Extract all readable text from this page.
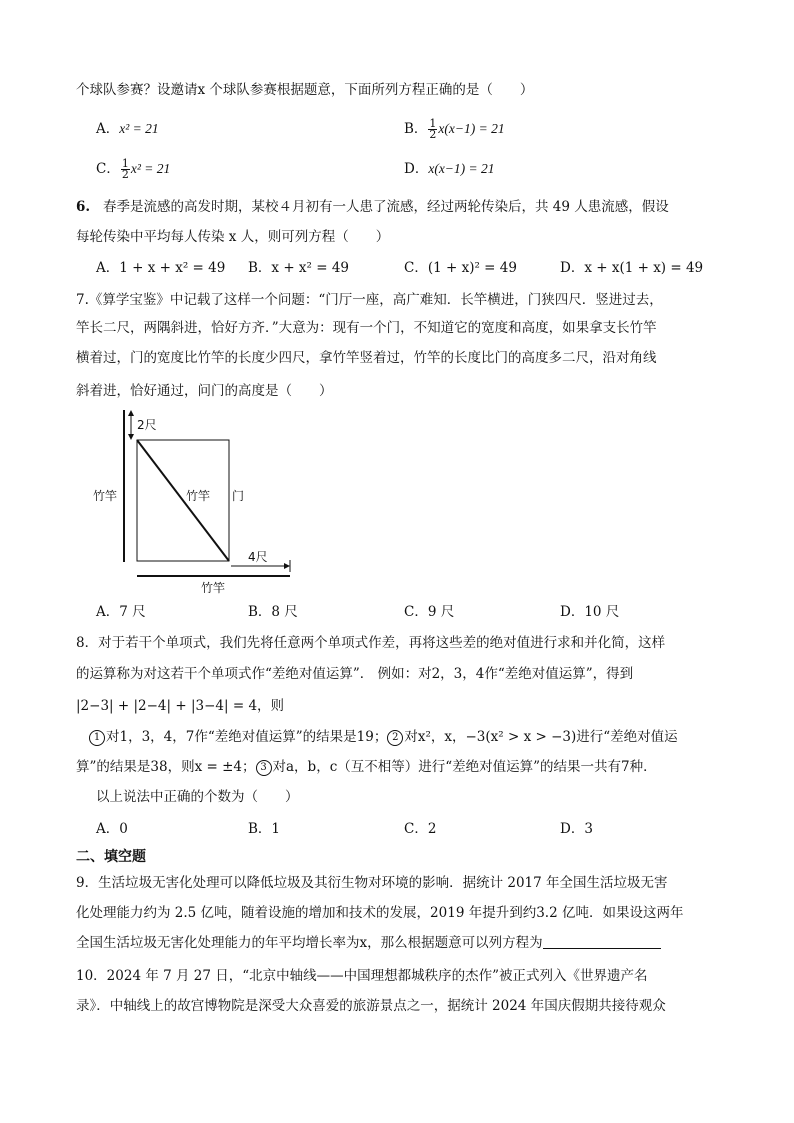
个球队参赛？设邀请x 个球队参赛根据题意，下面所列方程正确的是（　　）
A．x² = 21	B． $\frac{1}{2} x(x-1) = 21$
C． $\frac{1}{2} x^2 = 21$	D．x(x−1) = 21
6. 春季是流感的高发时期，某校４月初有一人患了流感，经过两轮传染后，共 49 人患流感，假设
每轮传染中平均每人传染 x 人，则可列方程（　　）
A．1 + x + x² = 49 B．x + x² = 49	C．(1 + x)² = 49	D．x + x(1 + x) = 49
7.《算学宝鉴》中记载了这样一个问题：“门厅一座，高广难知．长竿横进，门狭四尺．竖进过去，
竿长二尺，两隅斜进，恰好方齐．”大意为：现有一个门，不知道它的宽度和高度，如果拿支长竹竿
横着过，门的宽度比竹竿的长度少四尺，拿竹竿竖着过，竹竿的长度比门的高度多二尺，沿对角线
斜着进，恰好通过，问门的高度是（　　）
2尺
竹竿	竹竿 门
4尺
竹竿
A．7 尺	B．8 尺	C．9 尺	D．10 尺
8．对于若干个单项式，我们先将任意两个单项式作差，再将这些差的绝对值进行求和并化简，这样
的运算称为对这若干个单项式作“差绝对值运算”． 例如：对2，3，4作“差绝对值运算”，得到
|2−3| + |2−4| + |3−4| = 4，则
1 对1，3，4，7作“差绝对值运算”的结果是19； 2 对x²，x，−3(x² > x > −3)进行“差绝对值运
算”的结果是38，则x = ±4； 3 对a，b，c（互不相等）进行“差绝对值运算”的结果一共有7种．
以上说法中正确的个数为（　　）
A．0	B．1	C．2	D．3
二、填空题
9．生活垃圾无害化处理可以降低垃圾及其衍生物对环境的影响．据统计 2017 年全国生活垃圾无害
化处理能力约为 2.5 亿吨，随着设施的增加和技术的发展，2019 年提升到约3.2 亿吨．如果设这两年
全国生活垃圾无害化处理能力的年平均增长率为x，那么根据题意可以列方程为
10．2024 年 7 月 27 日，“北京中轴线——中国理想都城秩序的杰作”被正式列入《世界遗产名
录》．中轴线上的故宫博物院是深受大众喜爱的旅游景点之一，据统计 2024 年国庆假期共接待观众
